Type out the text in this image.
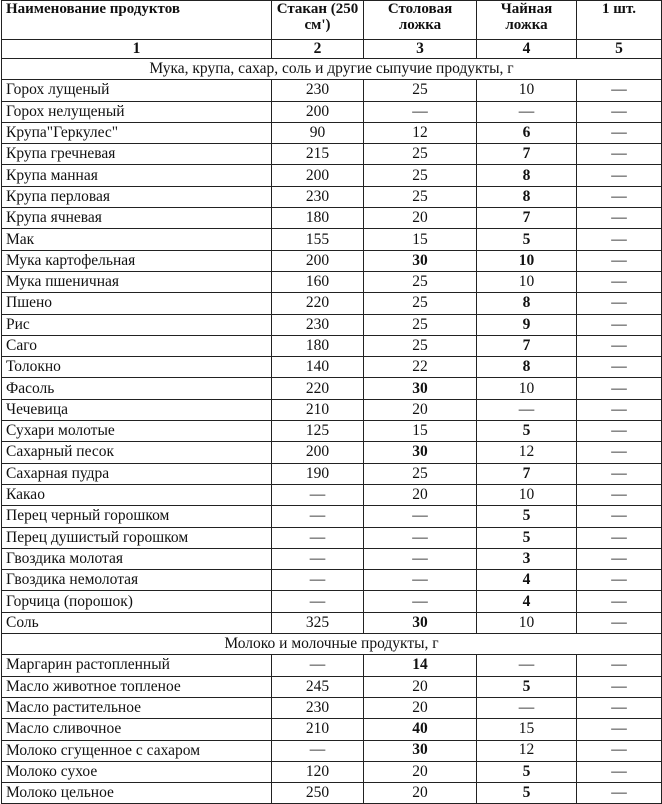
Наименование продуктов	Стакан (250 см')	Столовая ложка	Чайная ложка	1 шт.
1	2	3	4	5
Мука, крупа, сахар, соль и другие сыпучие продукты, г				
Горох лущеный	230	25	10	—
Горох нелущеный	200	—	—	—
Крупа"Геркулес"	90	12	6	—
Крупа гречневая	215	25	7	—
Крупа манная	200	25	8	—
Крупа перловая	230	25	8	—
Крупа ячневая	180	20	7	—
Мак	155	15	5	—
Мука картофельная	200	30	10	—
Мука пшеничная	160	25	10	—
Пшено	220	25	8	—
Рис	230	25	9	—
Саго	180	25	7	—
Толокно	140	22	8	—
Фасоль	220	30	10	—
Чечевица	210	20	—	—
Сухари молотые	125	15	5	—
Сахарный песок	200	30	12	—
Сахарная пудра	190	25	7	—
Какао	—	20	10	—
Перец черный горошком	—	—	5	—
Перец душистый горошком	—	—	5	—
Гвоздика молотая	—	—	3	—
Гвоздика немолотая	—	—	4	—
Горчица (порошок)	—	—	4	—
Соль	325	30	10	—
Молоко и молочные продукты, г				
Маргарин растопленный	—	14	—	—
Масло животное топленое	245	20	5	—
Масло растительное	230	20	—	—
Масло сливочное	210	40	15	—
Молоко сгущенное с сахаром	—	30	12	—
Молоко сухое	120	20	5	—
Молоко цельное	250	20	5	—
